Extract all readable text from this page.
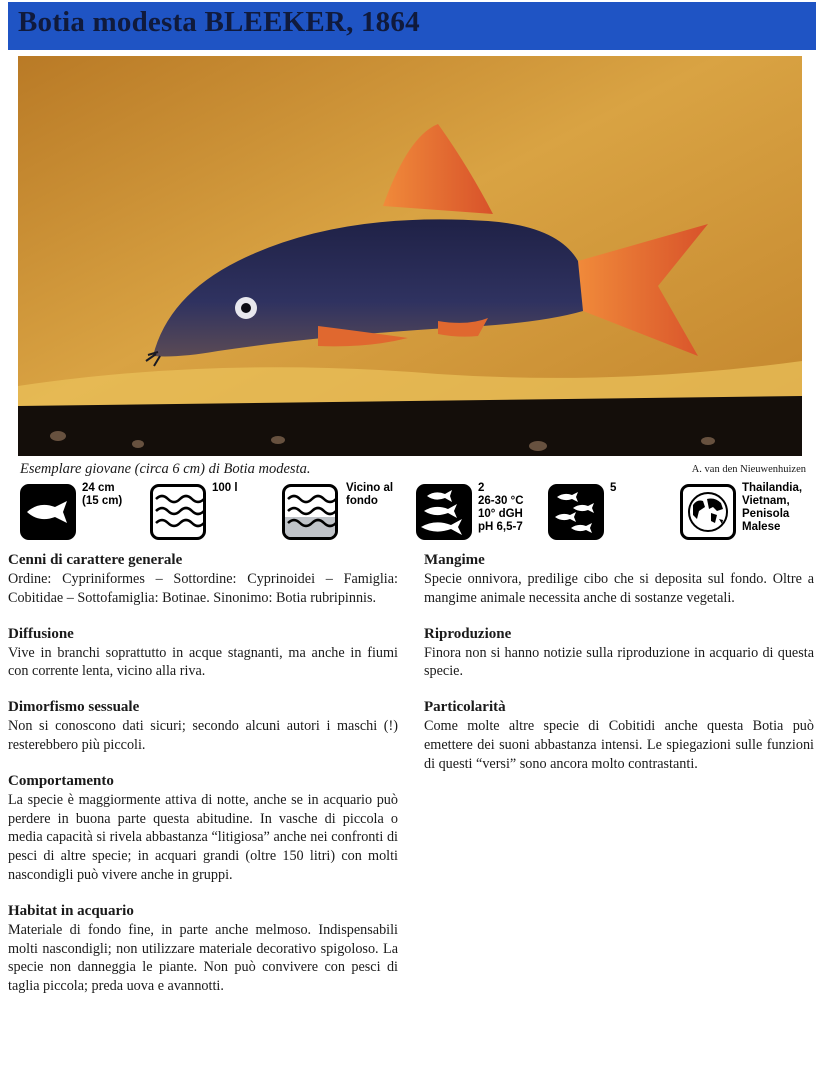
Botia modesta BLEEKER, 1864
Esemplare giovane (circa 6 cm) di Botia modesta.	A. van den Nieuwenhuizen
24 cm
(15 cm)
100 l	Vicino al
fondo
2
26-30 °C
10° dGH
pH 6,5-7
5	Thailandia,
Vietnam,
Penisola
Malese
Cenni di carattere generale

Ordine: Cypriniformes – Sottordine: Cyprinoidei – Famiglia: Cobitidae – Sottofamiglia: Botinae. Sinonimo: Botia rubripinnis.

Diffusione

Vive in branchi soprattutto in acque stagnanti, ma anche in fiumi con corrente lenta, vicino alla riva.

Dimorfismo sessuale

Non si conoscono dati sicuri; secondo alcuni autori i maschi (!) resterebbero più piccoli.

Comportamento

La specie è maggiormente attiva di notte, anche se in acquario può perdere in buona parte questa abitudine. In vasche di piccola o media capacità si rivela abbastanza “litigiosa” anche nei confronti di pesci di altre specie; in acquari grandi (oltre 150 litri) con molti nascondigli può vivere anche in gruppi.

Habitat in acquario

Materiale di fondo fine, in parte anche melmoso. Indispensabili molti nascondigli; non utilizzare materiale decorativo spigoloso. La specie non danneggia le piante. Non può convivere con pesci di taglia piccola; preda uova e avannotti.

Mangime

Specie onnivora, predilige cibo che si deposita sul fondo. Oltre a mangime animale necessita anche di sostanze vegetali.

Riproduzione

Finora non si hanno notizie sulla riproduzione in acquario di questa specie.

Particolarità

Come molte altre specie di Cobitidi anche questa Botia può emettere dei suoni abbastanza intensi. Le spiegazioni sulle funzioni di questi “versi” sono ancora molto contrastanti.
